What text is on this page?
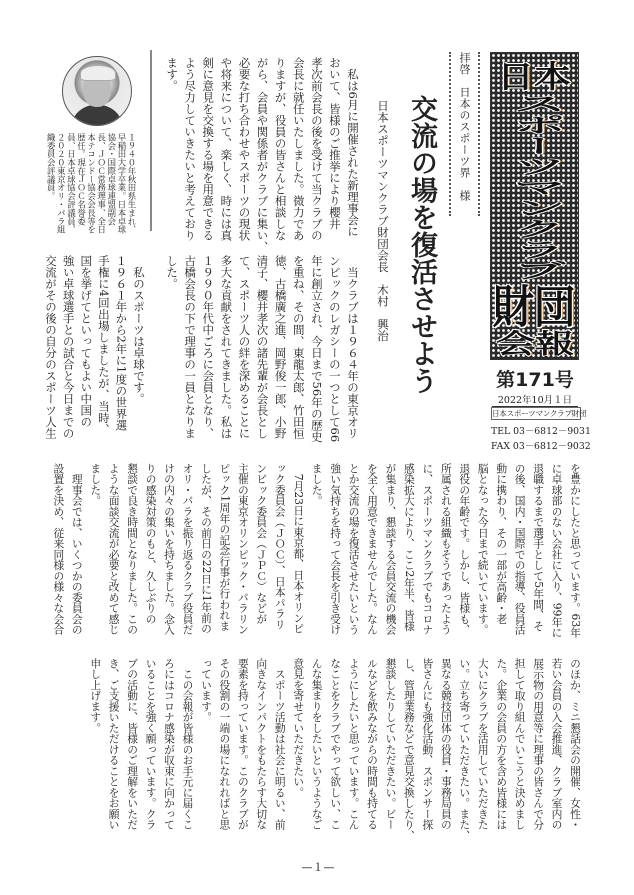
日本
スポーツマンクラブ
財団
会報
第171号
2022年10月１日
日本スポーツマンクラブ財団
TEL 03－6812－9031
FAX 03－6812－9032
拝啓　日本のスポーツ界　様
交流の場を復活させよう
日本スポーツマンクラブ財団会長　木村　興治
１９４０年秋田県生まれ、
早稲田大学卒業。日本卓球
協会・国際卓球連盟副会
長、ＪＯＣ常務理事、全日
本テコンドー協会会長等を
歴任。現在ＪＯＣ名誉委
員、日本卓球協会評議員、
２０２０東京オリ・パラ組
織委員会評議員。	　私は6月に開催された新理事会に
おいて、皆様のご推挙により櫻井
孝次前会長の後を受けて当クラブの
会長に就任いたしました。微力であ
りますが、役員の皆さんと相談しな
がら、会員や関係者がクラブに集い、
必要な打ち合わせやスポーツの現状
や将来について、楽しく、時には真
剣に意見を交換する場を用意できる
よう尽力していきたいと考えており
ます。
　当クラブは１９６４年の東京オリ
ンピックのレガシーの一つとして66
年に創立され、今日まで56年の歴史
を重ね、その間、東龍太郎、竹田恒
徳、古橋廣之進、岡野俊一郎、小野
清子、櫻井孝次の諸先輩が会長とし
て、スポーツ人の絆を深めることに
多大な貢献をされてきました。私は
１９９０年代中ごろに会員となり、
古橋会長の下で理事の一員となりま
した。
　私のスポーツは卓球です。
１９６１年から2年に1度の世界選
手権に4回出場しましたが、当時、
国を挙げてといってもよい中国の
強い卓球選手との試合と今日までの
交流がその後の自分のスポーツ人生
を豊かにしたと思っています。63年
に卓球部のない会社に入り、99年に
退職するまで選手として5年間、そ
の後、国内・国際での指導、役員活
動に携わり、その一部が高齢・老
脳となった今日まで続いています。
退役の年齢です。しかし、皆様も、
所属される組織もそうであったよう
に、スポーツマンクラブでもコロナ
感染拡大により、ここ2年半、皆様
が集まり、懇談する会員交流の機会
を全く用意できませんでした。なん
とか交流の場を復活させたいという
強い気持ちを持って会長を引き受け
ました。
　7月23日に東京都、日本オリンピ
ック委員会（ＪＯＣ）、日本パラリ
ンピック委員会（ＪＰＣ）などが
主催の東京オリンピック・パラリン
ピック1周年の記念行事が行われま
したが、その前日の22日に1年前の
オリ・パラを振り返るクラブ役員だ
けの内々の集いを持ちました。念入
りの感染対策のもと、久しぶりの
懇談で良き時間となりました。この
ような面談交流が必要と改めて感じ
ました。
　理事会では、いくつかの委員会の
設置を決め、従来同様の様々な会合
のほか、ミニ懇話会の開催、女性・
若い会員の入会推進、クラブ室内の
展示物の用意等に理事の皆さんで分
担して取り組んでいこうと決めまし
た。企業の会員の方を含め皆様には
大いにクラブを活用していただきた
い。立ち寄っていただきたい。また、
異なる競技団体の役員・事務局員の
皆さんにも強化活動、スポンサー探
し、管理業務などで意見交換したり、
懇談したりしていただきたい。ビー
ルなどを飲みながらの時間も持てる
ようにしたいと思っています。こん
なことをクラブでやって欲しい、こ
んな集まりをしたいというようなご
意見を寄せていただきたい。
　スポーツ活動は社会に明るい、前
向きなインパクトをもたらす大切な
要素を持っています。このクラブが
その役割の一端の場になれればと思
っています。
　この会報が皆様のお手元に届くこ
ろにはコロナ感染が収束に向かって
いることを強く願っています。クラ
ブの活動に、皆様のご理解をいただ
き、ご支援いただけることをお願い
申し上げます。
—１—
